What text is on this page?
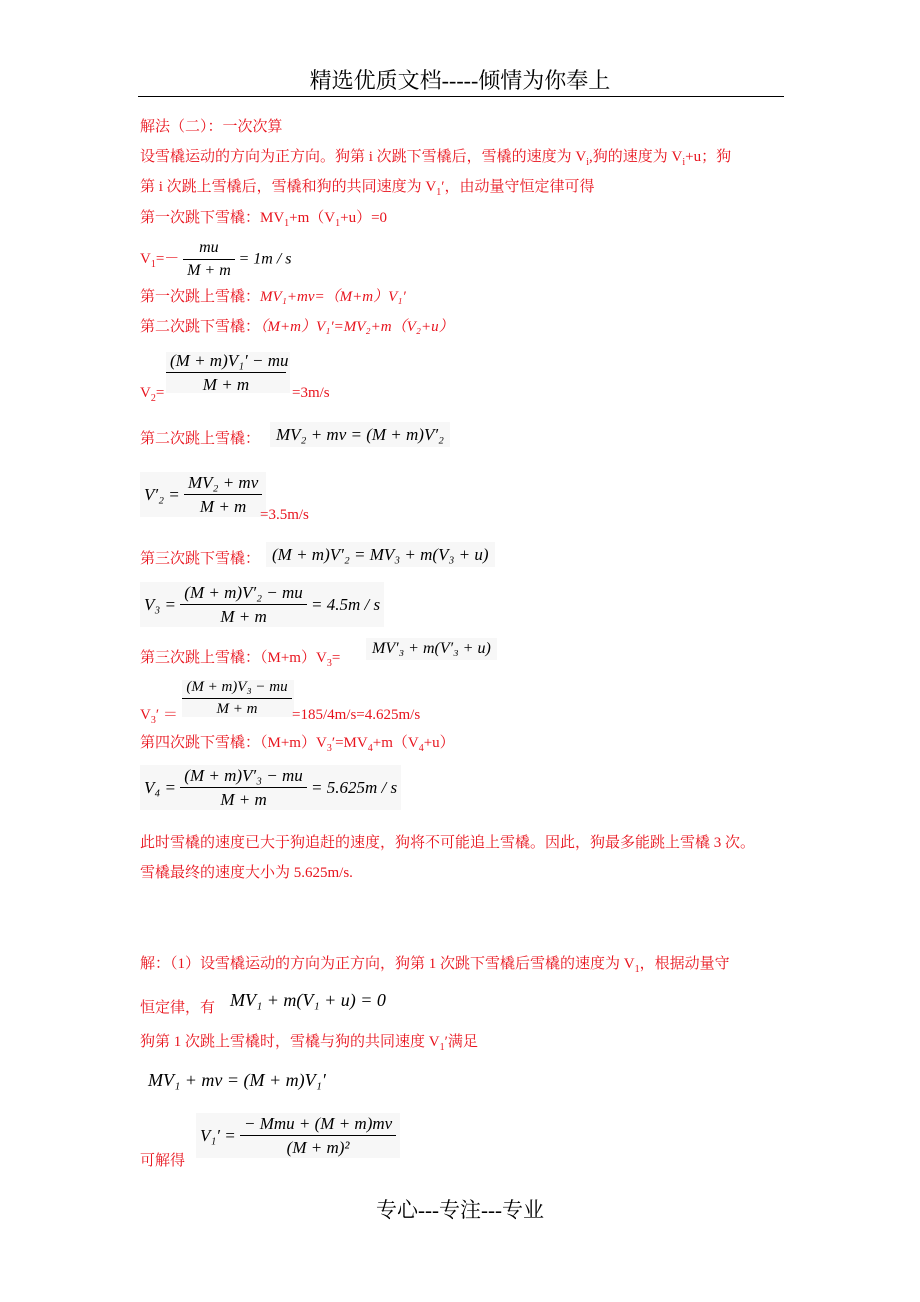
精选优质文档-----倾情为你奉上
解法（二）：一次次算
设雪橇运动的方向为正方向。狗第 i 次跳下雪橇后，雪橇的速度为 $V_i$,狗的速度为 $V_i+u$；狗
第 i 次跳上雪橇后，雪橇和狗的共同速度为 $V_1'$，由动量守恒定律可得
第一次跳下雪橇：$MV_1+m(V_1+u)=0$
$V_1=- \frac{mu}{M + m} = 1m / s$
第一次跳上雪橇：MV₁+mv=（M+m）V₁′
第二次跳下雪橇：（M+m）V₁′=MV₂+m（V₂+u）
$\frac{\text{(M + m)V₁′ − mu}}{M + m}$
$V_2=$	=3m/s
第二次跳上雪橇： MV₂ + mv = (M + m)V′₂
$V'_2 = \frac{\text{MV₂ + mv}}{M + m}$
=3.5m/s
第三次跳下雪橇： (M + m)V′₂ = MV₃ + m(V₃ + u)
$V_3 = \frac{\text{(M + m)V′₂ − mu}}{M + m} = 4.5m / s$
第三次跳上雪橇：$(M+m)V_3=$
MV′₃ + m(V′₃ + u)
$\frac{\text{(M + m)V₃ − mu}}{M + m}$
$V_3'$ ＝	=185/4m/s=4.625m/s
第四次跳下雪橇：$(M+m)V_3'=MV_4+m(V_4+u)$
$V_4 = \frac{\text{(M + m)V′₃ − mu}}{M + m} = 5.625m / s$
此时雪橇的速度已大于狗追赶的速度，狗将不可能追上雪橇。因此，狗最多能跳上雪橇 3 次。
雪橇最终的速度大小为 5.625m/s.
解：（1）设雪橇运动的方向为正方向，狗第 1 次跳下雪橇后雪橇的速度为 $V_1$，根据动量守
恒定律，有 MV₁ + m(V₁ + u) = 0
狗第 1 次跳上雪橇时，雪橇与狗的共同速度 $V_1'$满足
MV₁ + mv = (M + m)V₁′
$V_1' = \frac{\text{− Mmu + (M + m)mv}}{\text{(M + m)²}}$
可解得
专心---专注---专业
